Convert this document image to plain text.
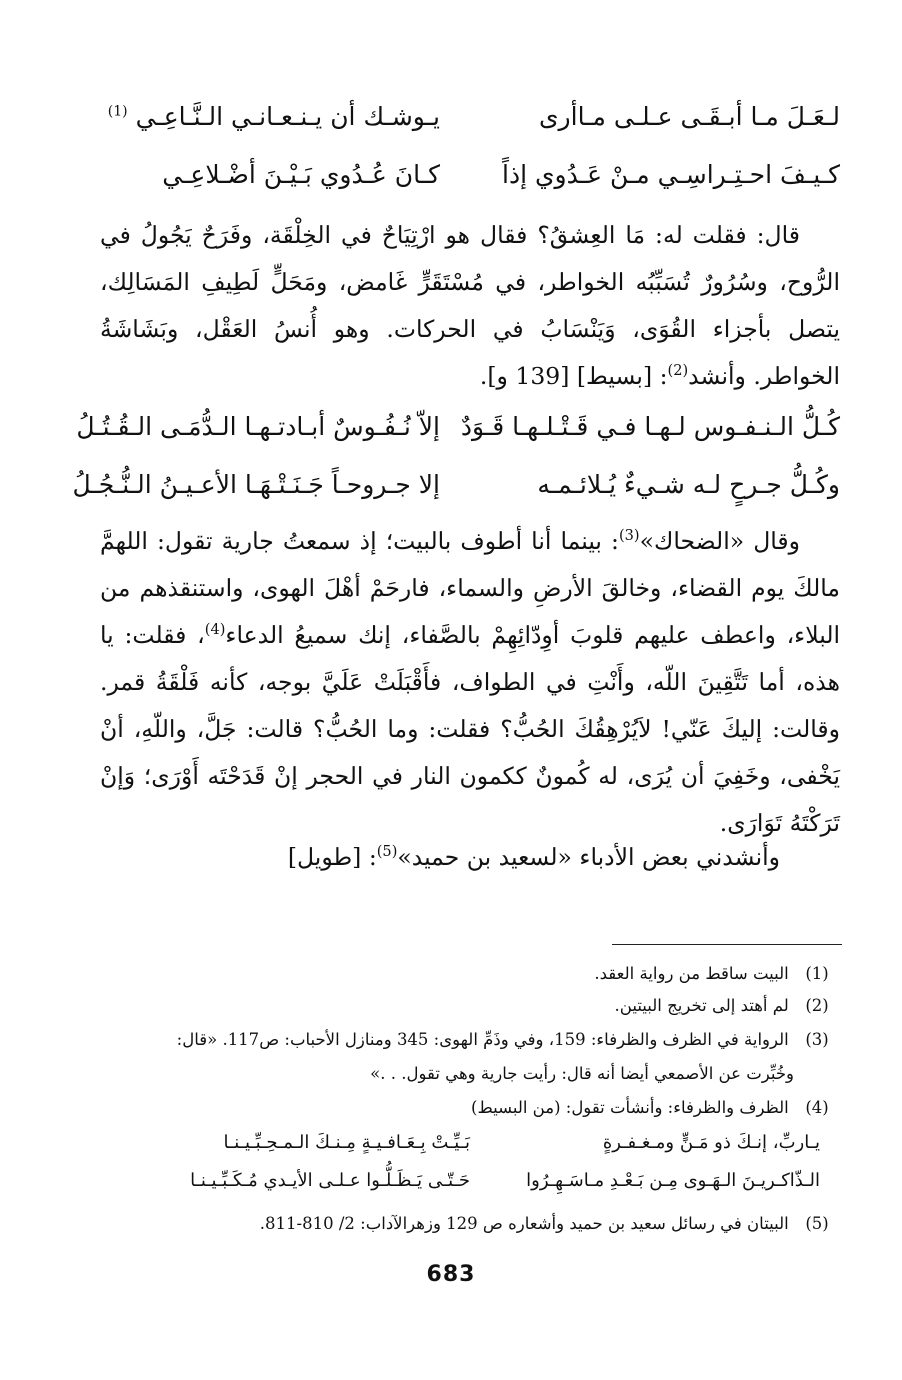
لـعَـلَ مـا أبـقَـى عـلـى مـاأرى
يـوشـك أن يـنـعـانـي الـنَّـاعِـي $^{(1)}$
كـيـفَ احـتِـراسِـي مـنْ عَـدُوي إذاً
كـانَ عُـدُوي بَـيْـنَ أضْـلاعِـي
قال: فقلت له: مَا العِشقُ؟ فقال هو ارْتِيَاحٌ في الخِلْقَة، وفَرَحٌ يَجُولُ في الرُّوح، وسُرُورٌ تُسَبِّبُه الخواطر، في مُسْتَقَرٍّ غَامض، ومَحَلٍّ لَطِيفِ المَسَالِك، يتصل بأجزاء القُوَى، وَيَنْسَابُ في الحركات. وهو أُنسُ العَقْل، وبَشَاشَةُ الخواطر. وأنشد$^{(2)}$: [بسيط] [139 و].
كُـلُّ الـنـفـوس لـهـا فـي قَـتْـلـهـا قَـوَدٌ
إلاّ نُـفُـوسٌ أبـادتـهـا الـدُّمَـى الـقُـتُـلُ
وكُـلُّ جـرحٍ لـه شـيءٌ يُـلائـمـه
إلا جـروحـاً جَـنَـتْـهَـا الأعـيـنُ الـنُّـجُـلُ
وقال «الضحاك»$^{(3)}$: بينما أنا أطوف بالبيت؛ إذ سمعتُ جارية تقول: اللهمَّ مالكَ يوم القضاء، وخالقَ الأرضِ والسماء، فارحَمْ أهْلَ الهوى، واستنقذهم من البلاء، واعطف عليهم قلوبَ أوِدّائِهِمْ بالصَّفاء، إنك سميعُ الدعاء$^{(4)}$، فقلت: يا هذه، أما تَتَّقِينَ اللّه، وأَنْتِ في الطواف، فأَقْبَلَتْ عَلَيَّ بوجه، كأنه فَلْقَةُ قمر. وقالت: إليكَ عَنّي! لاَيُرْهِقُكَ الحُبُّ؟ فقلت: وما الحُبُّ؟ قالت: جَلَّ، واللّهِ، أنْ يَخْفى، وخَفِيَ أن يُرَى، له كُمونٌ ككمون النار في الحجر إنْ قَدَحْتَه أَوْرَى؛ وَإنْ تَرَكْتَهُ تَوَارَى.
وأنشدني بعض الأدباء «لسعيد بن حميد»$^{(5)}$: [طويل]
(1) البيت ساقط من رواية العقد.
(2) لم أهتد إلى تخريج البيتين.
(3) الرواية في الظرف والظرفاء: 159، وفي وذَمِّ الهوى: 345 ومنازل الأحباب: ص117. «قال:
وخُبِّرت عن الأصمعي أيضا أنه قال: رأيت جارية وهي تقول. . .»
(4) الظرف والظرفاء: وأنشأت تقول: (من البسيط)
يـاربِّ، إنـكَ ذو مَـنٍّ ومـغـفـرةٍ
بَـيِّـتْ بِـعَـافـيـةٍ مِـنـكَ الـمـحِـبِّـيـنـا
الـذّاكـريـنَ الـهَـوى مِـن بَـعْـدِ مـاسَـهِـرُوا
حَـتّـى يَـظَـلُّـوا عـلـى الأيـدي مُـكَـبِّـيـنـا
(5) البيتان في رسائل سعيد بن حميد وأشعاره ص 129 وزهرالآداب: 2/ 810-811.
683
